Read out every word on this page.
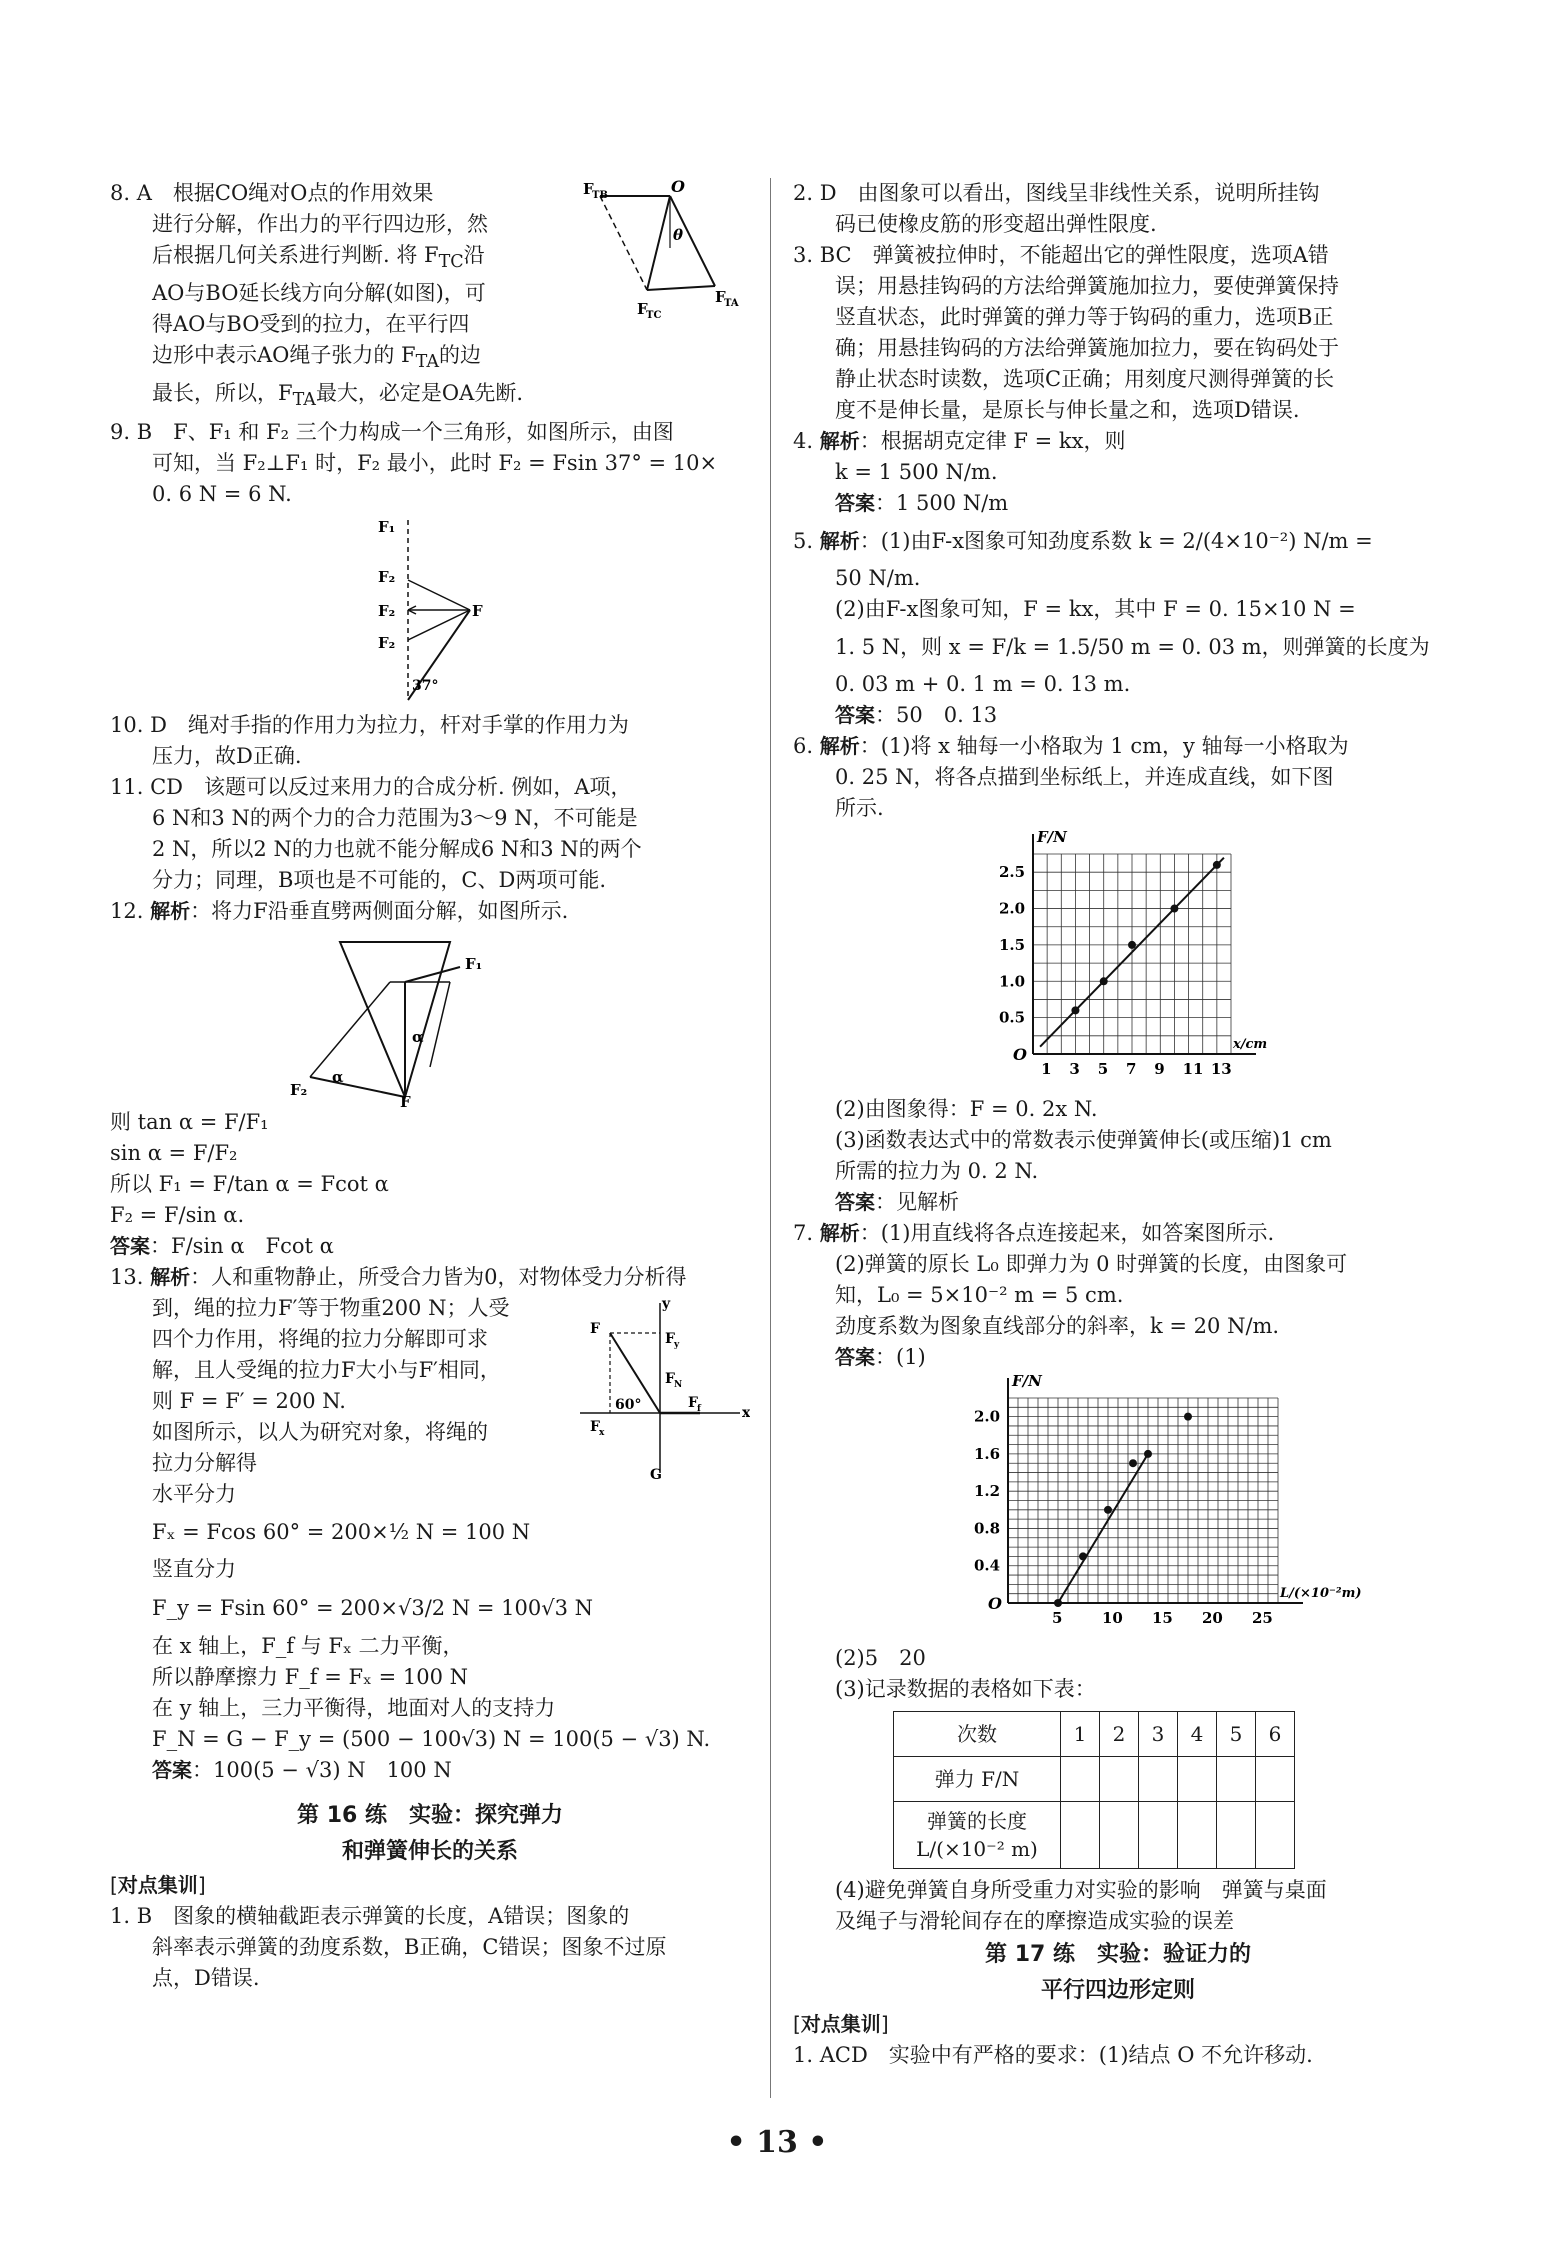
F
TB	O
θ
F
TC
F
TA

8. A　根据CO绳对O点的作用效果

进行分解，作出力的平行四边形，然

后根据几何关系进行判断. 将 $F_{TC}$沿

AO与BO延长线方向分解(如图)，可

得AO与BO受到的拉力，在平行四

边形中表示AO绳子张力的 $F_{TA}$的边

最长，所以，$F_{TA}$最大，必定是OA先断.

9. B　F、F₁ 和 F₂ 三个力构成一个三角形，如图所示，由图

可知，当 F₂⊥F₁ 时，F₂ 最小，此时 F₂ = Fsin 37° = 10×

0. 6 N = 6 N.

F₁
F₂
F₂
F₂
F
37°

10. D　绳对手指的作用力为拉力，杆对手掌的作用力为

压力，故D正确.

11. CD　该题可以反过来用力的合成分析. 例如，A项，

6 N和3 N的两个力的合力范围为3～9 N，不可能是

2 N，所以2 N的力也就不能分解成6 N和3 N的两个

分力；同理，B项也是不可能的，C、D两项可能.

12. 解析：将力F沿垂直劈两侧面分解，如图所示.

F₁
α
α
F₂
F

则 tan α = F/F₁

sin α = F/F₂

所以 F₁ = F/tan α = Fcot α

F₂ = F/sin α.

答案：F/sin α　Fcot α

13. 解析：人和重物静止，所受合力皆为0，对物体受力分析得

y
x
F
F y
F N
F f
60°
F x
G

到，绳的拉力F′等于物重200 N；人受

四个力作用，将绳的拉力分解即可求

解，且人受绳的拉力F大小与F′相同，

则 F = F′ = 200 N.

如图所示，以人为研究对象，将绳的

拉力分解得

水平分力

Fₓ = Fcos 60° = 200×½ N = 100 N

竖直分力

F_y = Fsin 60° = 200×√3/2 N = 100√3 N

在 x 轴上，F_f 与 Fₓ 二力平衡，

所以静摩擦力 F_f = Fₓ = 100 N

在 y 轴上，三力平衡得，地面对人的支持力

F_N = G − F_y = (500 − 100√3) N = 100(5 − √3) N.

答案：100(5 − √3) N　100 N

第 16 练　实验：探究弹力

和弹簧伸长的关系

[对点集训]

1. B　图象的横轴截距表示弹簧的长度，A错误；图象的

斜率表示弹簧的劲度系数，B正确，C错误；图象不过原

点，D错误.

2. D　由图象可以看出，图线呈非线性关系，说明所挂钩

码已使橡皮筋的形变超出弹性限度.

3. BC　弹簧被拉伸时，不能超出它的弹性限度，选项A错

误；用悬挂钩码的方法给弹簧施加拉力，要使弹簧保持

竖直状态，此时弹簧的弹力等于钩码的重力，选项B正

确；用悬挂钩码的方法给弹簧施加拉力，要在钩码处于

静止状态时读数，选项C正确；用刻度尺测得弹簧的长

度不是伸长量，是原长与伸长量之和，选项D错误.

4. 解析：根据胡克定律 F = kx，则

k = 1 500 N/m.

答案：1 500 N/m

5. 解析：(1)由F-x图象可知劲度系数 k = 2/(4×10⁻²) N/m =

50 N/m.

(2)由F-x图象可知，F = kx，其中 F = 0. 15×10 N =

1. 5 N，则 x = F/k = 1.5/50 m = 0. 03 m，则弹簧的长度为

0. 03 m + 0. 1 m = 0. 13 m.

答案：50　0. 13

6. 解析：(1)将 x 轴每一小格取为 1 cm，y 轴每一小格取为

0. 25 N，将各点描到坐标纸上，并连成直线，如下图

所示.

F/N
x/cm
O
1 3 5 7 9 11 13
0.5
1.0
1.5
2.0
2.5

(2)由图象得：F = 0. 2x N.

(3)函数表达式中的常数表示使弹簧伸长(或压缩)1 cm

所需的拉力为 0. 2 N.

答案：见解析

7. 解析：(1)用直线将各点连接起来，如答案图所示.

(2)弹簧的原长 L₀ 即弹力为 0 时弹簧的长度，由图象可

知，L₀ = 5×10⁻² m = 5 cm.

劲度系数为图象直线部分的斜率，k = 20 N/m.

答案：(1)

F/N
L/(×10⁻²m)
O
5	10 15 20 25
0.4
0.8
1.2
1.6
2.0

(2)5　20

(3)记录数据的表格如下表：

次数	1	2	3	4	5	6
弹力 F/N						
弹簧的长度
L/(×10⁻² m)						

(4)避免弹簧自身所受重力对实验的影响　弹簧与桌面

及绳子与滑轮间存在的摩擦造成实验的误差

第 17 练　实验：验证力的

平行四边形定则

[对点集训]

1. ACD　实验中有严格的要求：(1)结点 O 不允许移动.

• 13 •
